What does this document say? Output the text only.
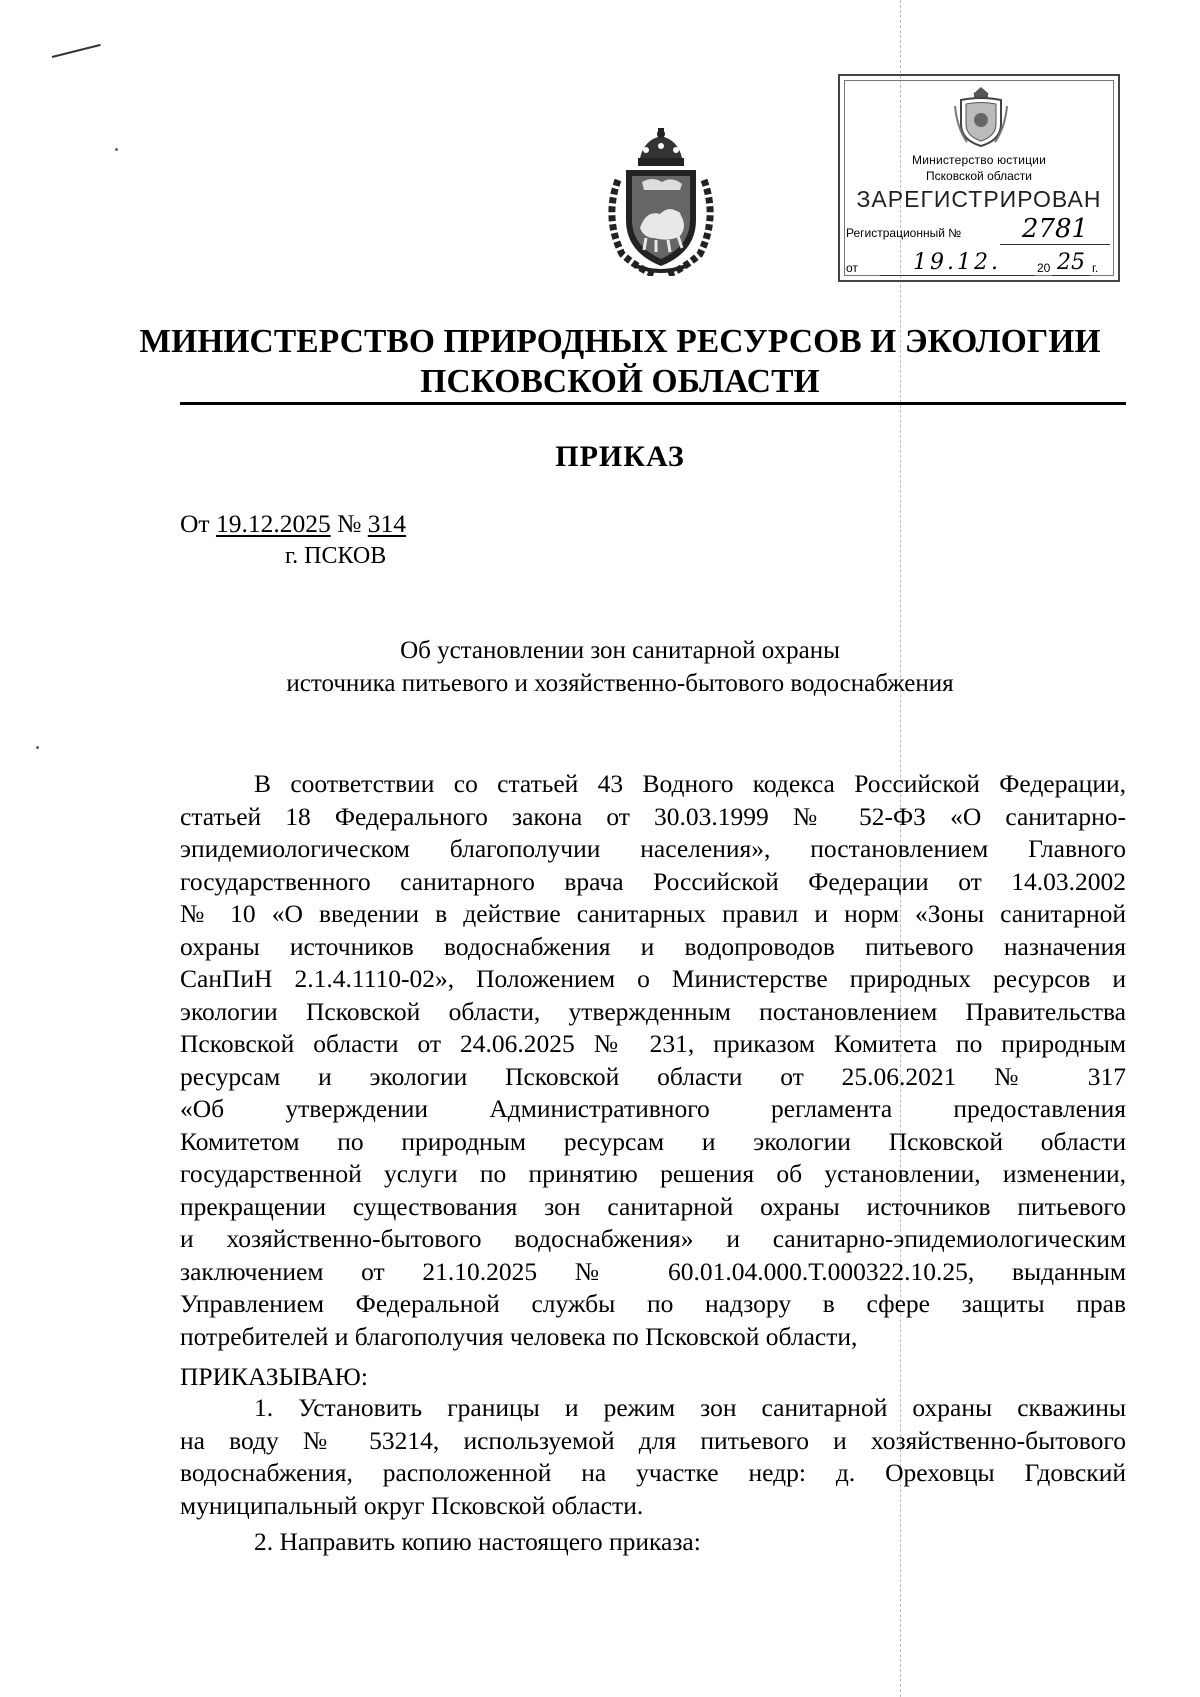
Министерство юстиции
Псковской области
ЗАРЕГИСТРИРОВАН
Регистрационный №	2781
от	19.12.	20 25 г.
МИНИСТЕРСТВО ПРИРОДНЫХ РЕСУРСОВ И ЭКОЛОГИИ
ПСКОВСКОЙ ОБЛАСТИ
ПРИКАЗ
От 19.12.2025 № 314
г. ПСКОВ
Об установлении зон санитарной охраны
источника питьевого и хозяйственно-бытового водоснабжения
В соответствии со статьей 43 Водного кодекса Российской Федерации,
статьей 18 Федерального закона от 30.03.1999 № 52-ФЗ «О санитарно-
эпидемиологическом благополучии населения», постановлением Главного
государственного санитарного врача Российской Федерации от 14.03.2002
№ 10 «О введении в действие санитарных правил и норм «Зоны санитарной
охраны источников водоснабжения и водопроводов питьевого назначения
СанПиН 2.1.4.1110-02», Положением о Министерстве природных ресурсов и
экологии Псковской области, утвержденным постановлением Правительства
Псковской области от 24.06.2025 № 231, приказом Комитета по природным
ресурсам и экологии Псковской области от 25.06.2021 № 317
«Об утверждении Административного регламента предоставления
Комитетом по природным ресурсам и экологии Псковской области
государственной услуги по принятию решения об установлении, изменении,
прекращении существования зон санитарной охраны источников питьевого
и хозяйственно-бытового водоснабжения» и санитарно-эпидемиологическим
заключением от 21.10.2025 № 60.01.04.000.Т.000322.10.25, выданным
Управлением Федеральной службы по надзору в сфере защиты прав
потребителей и благополучия человека по Псковской области,
ПРИКАЗЫВАЮ:
1. Установить границы и режим зон санитарной охраны скважины
на воду № 53214, используемой для питьевого и хозяйственно-бытового
водоснабжения, расположенной на участке недр: д. Ореховцы Гдовский
муниципальный округ Псковской области.
2. Направить копию настоящего приказа:
